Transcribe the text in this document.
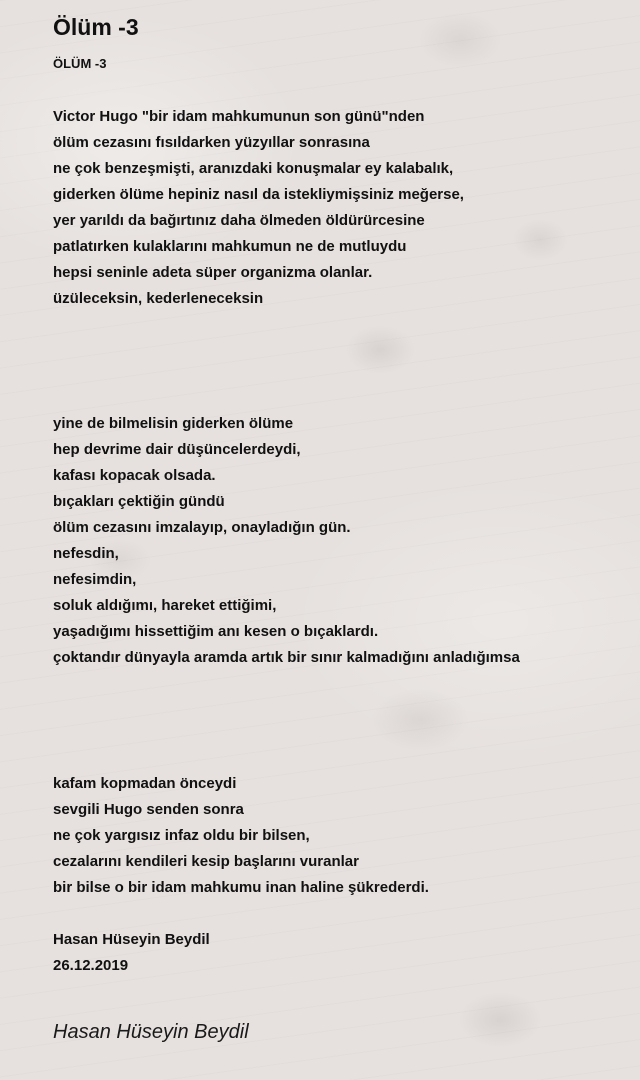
Ölüm -3
ÖLÜM -3
Victor Hugo "bir idam mahkumunun son günü"nden
ölüm cezasını fısıldarken yüzyıllar sonrasına
ne çok benzeşmişti, aranızdaki konuşmalar ey kalabalık,
giderken ölüme hepiniz nasıl da istekliymişsiniz meğerse,
yer yarıldı da bağırtınız daha ölmeden öldürürcesine
patlatırken kulaklarını mahkumun ne de mutluydu
hepsi seninle adeta süper organizma olanlar.
üzüleceksin, kederleneceksin
yine de bilmelisin giderken ölüme
hep devrime dair düşüncelerdeydi,
kafası kopacak olsada.
bıçakları çektiğin gündü
ölüm cezasını imzalayıp, onayladığın gün.
nefesdin,
nefesimdin,
soluk aldığımı, hareket ettiğimi,
yaşadığımı hissettiğim anı kesen o bıçaklardı.
çoktandır dünyayla aramda artık bir sınır kalmadığını anladığımsa
kafam kopmadan önceydi
sevgili Hugo senden sonra
ne çok yargısız infaz oldu bir bilsen,
cezalarını kendileri kesip başlarını vuranlar
bir bilse o bir idam mahkumu inan haline şükrederdi.
Hasan Hüseyin Beydil
26.12.2019
Hasan Hüseyin Beydil
